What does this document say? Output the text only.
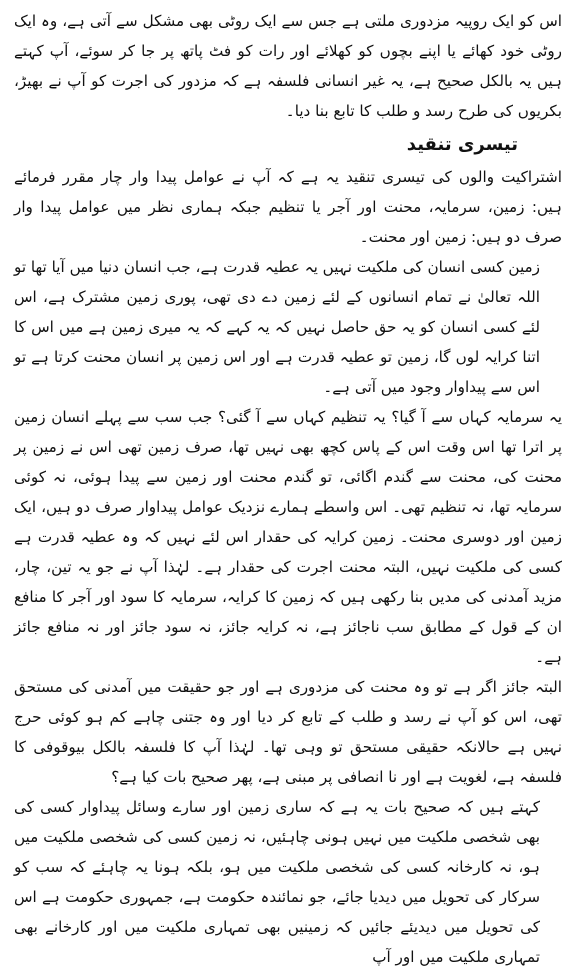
اس کو ایک روپیہ مزدوری ملتی ہے جس سے ایک روٹی بھی مشکل سے آتی ہے، وہ ایک روٹی خود کھائے یا اپنے بچوں کو کھلائے اور رات کو فٹ پاتھ پر جا کر سوئے، آپ کہتے ہیں یہ بالکل صحیح ہے، یہ غیر انسانی فلسفہ ہے کہ مزدور کی اجرت کو آپ نے بھیڑ، بکریوں کی طرح رسد و طلب کا تابع بنا دیا۔

تیسری تنقید

اشتراکیت والوں کی تیسری تنقید یہ ہے کہ آپ نے عوامل پیدا وار چار مقرر فرمائے ہیں: زمین، سرمایہ، محنت اور آجر یا تنظیم جبکہ ہماری نظر میں عوامل پیدا وار صرف دو ہیں: زمین اور محنت۔

زمین کسی انسان کی ملکیت نہیں یہ عطیہ قدرت ہے، جب انسان دنیا میں آیا تھا تو اللہ تعالیٰ نے تمام انسانوں کے لئے زمین دے دی تھی، پوری زمین مشترک ہے، اس لئے کسی انسان کو یہ حق حاصل نہیں کہ یہ کہے کہ یہ میری زمین ہے میں اس کا اتنا کرایہ لوں گا، زمین تو عطیہ قدرت ہے اور اس زمین پر انسان محنت کرتا ہے تو اس سے پیداوار وجود میں آتی ہے۔

یہ سرمایہ کہاں سے آ گیا؟ یہ تنظیم کہاں سے آ گئی؟ جب سب سے پہلے انسان زمین پر اترا تھا اس وقت اس کے پاس کچھ بھی نہیں تھا، صرف زمین تھی اس نے زمین پر محنت کی، محنت سے گندم اگائی، تو گندم محنت اور زمین سے پیدا ہوئی، نہ کوئی سرمایہ تھا، نہ تنظیم تھی۔ اس واسطے ہمارے نزدیک عوامل پیداوار صرف دو ہیں، ایک زمین اور دوسری محنت۔ زمین کرایہ کی حقدار اس لئے نہیں کہ وہ عطیہ قدرت ہے کسی کی ملکیت نہیں، البتہ محنت اجرت کی حقدار ہے۔ لہٰذا آپ نے جو یہ تین، چار، مزید آمدنی کی مدیں بنا رکھی ہیں کہ زمین کا کرایہ، سرمایہ کا سود اور آجر کا منافع ان کے قول کے مطابق سب ناجائز ہے، نہ کرایہ جائز، نہ سود جائز اور نہ منافع جائز ہے۔

البتہ جائز اگر ہے تو وہ محنت کی مزدوری ہے اور جو حقیقت میں آمدنی کی مستحق تھی، اس کو آپ نے رسد و طلب کے تابع کر دیا اور وہ جتنی چاہے کم ہو کوئی حرج نہیں ہے حالانکہ حقیقی مستحق تو وہی تھا۔ لہٰذا آپ کا فلسفہ بالکل بیوقوفی کا فلسفہ ہے، لغویت ہے اور نا انصافی پر مبنی ہے، پھر صحیح بات کیا ہے؟

کہتے ہیں کہ صحیح بات یہ ہے کہ ساری زمین اور سارے وسائل پیداوار کسی کی بھی شخصی ملکیت میں نہیں ہونی چاہئیں، نہ زمین کسی کی شخصی ملکیت میں ہو، نہ کارخانہ کسی کی شخصی ملکیت میں ہو، بلکہ ہونا یہ چاہئے کہ سب کو سرکار کی تحویل میں دیدیا جائے، جو نمائندہ حکومت ہے، جمہوری حکومت ہے اس کی تحویل میں دیدیئے جائیں کہ زمینیں بھی تمہاری ملکیت میں اور کارخانے بھی تمہاری ملکیت میں اور آپ
